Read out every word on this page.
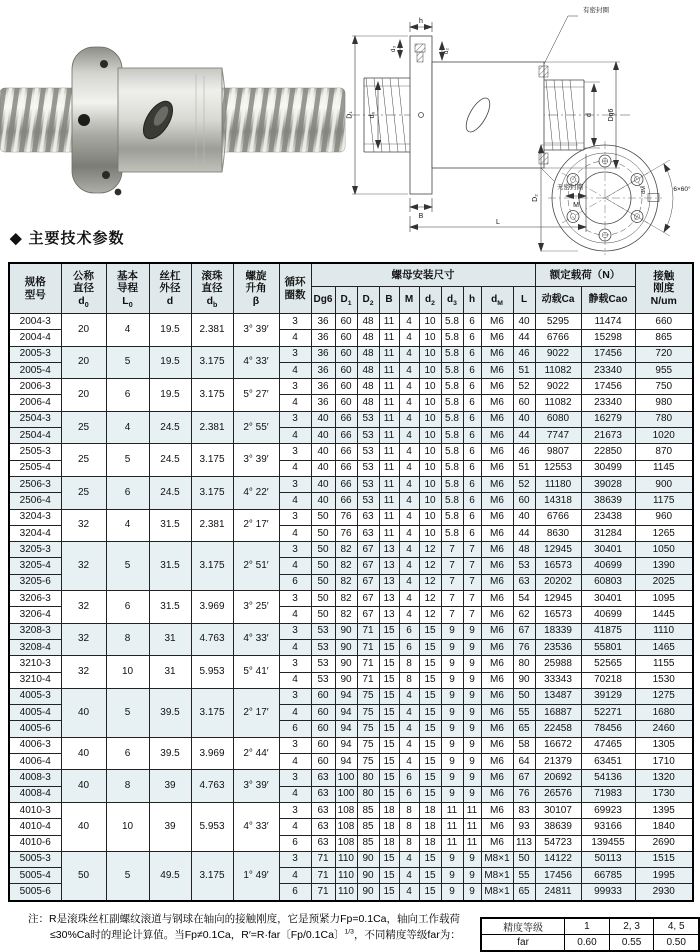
h
d₃	d₂
D₁ d₀	d Dg6
B
M
L
有密封圈
无密封圈
D₂
dM	6×60°
◆ 主要技术参数
规格
型号	公称
直径
$d_0$	基本
导程
$L_0$	丝杠
外径
d	滚珠
直径
$d_b$	螺旋
升角
β	循环
圈数	螺母安装尺寸										额定载荷（N）		接触
刚度
N/um
							Dg6	$D_1$	$D_2$	B	M	$d_2$	$d_3$	h	$d_M$	L	动载Ca	静载Cao	
2004-3	20	4	19.5	2.381	3° 39′	3	36	60	48	11	4	10	5.8	6	M6	40	5295	11474	660
2004-4						4	36	60	48	11	4	10	5.8	6	M6	44	6766	15298	865
2005-3	20	5	19.5	3.175	4° 33′	3	36	60	48	11	4	10	5.8	6	M6	46	9022	17456	720
2005-4						4	36	60	48	11	4	10	5.8	6	M6	51	11082	23340	955
2006-3	20	6	19.5	3.175	5° 27′	3	36	60	48	11	4	10	5.8	6	M6	52	9022	17456	750
2006-4						4	36	60	48	11	4	10	5.8	6	M6	60	11082	23340	980
2504-3	25	4	24.5	2.381	2° 55′	3	40	66	53	11	4	10	5.8	6	M6	40	6080	16279	780
2504-4						4	40	66	53	11	4	10	5.8	6	M6	44	7747	21673	1020
2505-3	25	5	24.5	3.175	3° 39′	3	40	66	53	11	4	10	5.8	6	M6	46	9807	22850	870
2505-4						4	40	66	53	11	4	10	5.8	6	M6	51	12553	30499	1145
2506-3	25	6	24.5	3.175	4° 22′	3	40	66	53	11	4	10	5.8	6	M6	52	11180	39028	900
2506-4						4	40	66	53	11	4	10	5.8	6	M6	60	14318	38639	1175
3204-3	32	4	31.5	2.381	2° 17′	3	50	76	63	11	4	10	5.8	6	M6	40	6766	23438	960
3204-4						4	50	76	63	11	4	10	5.8	6	M6	44	8630	31284	1265
3205-3	32	5	31.5	3.175	2° 51′	3	50	82	67	13	4	12	7	7	M6	48	12945	30401	1050
3205-4						4	50	82	67	13	4	12	7	7	M6	53	16573	40699	1390
3205-6						6	50	82	67	13	4	12	7	7	M6	63	20202	60803	2025
3206-3	32	6	31.5	3.969	3° 25′	3	50	82	67	13	4	12	7	7	M6	54	12945	30401	1095
3206-4						4	50	82	67	13	4	12	7	7	M6	62	16573	40699	1445
3208-3	32	8	31	4.763	4° 33′	3	53	90	71	15	6	15	9	9	M6	67	18339	41875	1110
3208-4						4	53	90	71	15	6	15	9	9	M6	76	23536	55801	1465
3210-3	32	10	31	5.953	5° 41′	3	53	90	71	15	8	15	9	9	M6	80	25988	52565	1155
3210-4						4	53	90	71	15	8	15	9	9	M6	90	33343	70218	1530
4005-3	40	5	39.5	3.175	2° 17′	3	60	94	75	15	4	15	9	9	M6	50	13487	39129	1275
4005-4						4	60	94	75	15	4	15	9	9	M6	55	16887	52271	1680
4005-6						6	60	94	75	15	4	15	9	9	M6	65	22458	78456	2460
4006-3	40	6	39.5	3.969	2° 44′	3	60	94	75	15	4	15	9	9	M6	58	16672	47465	1305
4006-4						4	60	94	75	15	4	15	9	9	M6	64	21379	63451	1710
4008-3	40	8	39	4.763	3° 39′	3	63	100	80	15	6	15	9	9	M6	67	20692	54136	1320
4008-4						4	63	100	80	15	6	15	9	9	M6	76	26576	71983	1730
4010-3	40	10	39	5.953	4° 33′	3	63	108	85	18	8	18	11	11	M6	83	30107	69923	1395
4010-4						4	63	108	85	18	8	18	11	11	M6	93	38639	93166	1840
4010-6						6	63	108	85	18	8	18	11	11	M6	113	54723	139455	2690
5005-3	50	5	49.5	3.175	1° 49′	3	71	110	90	15	4	15	9	9	M8×1	50	14122	50113	1515
5005-4						4	71	110	90	15	4	15	9	9	M8×1	55	17456	66785	1995
5005-6						6	71	110	90	15	4	15	9	9	M8×1	65	24811	99933	2930
注：R是滚珠丝杠副螺纹滚道与钢球在轴向的接触刚度，它是预紧力Fp=0.1Ca，轴向工作载荷
≤30%Ca时的理论计算值。当Fp≠0.1Ca，R′=R·far〔Fp/0.1Ca〕$^{1/3}$，不同精度等级far为：
精度等级	1	2, 3	4, 5
far	0.60	0.55	0.50
